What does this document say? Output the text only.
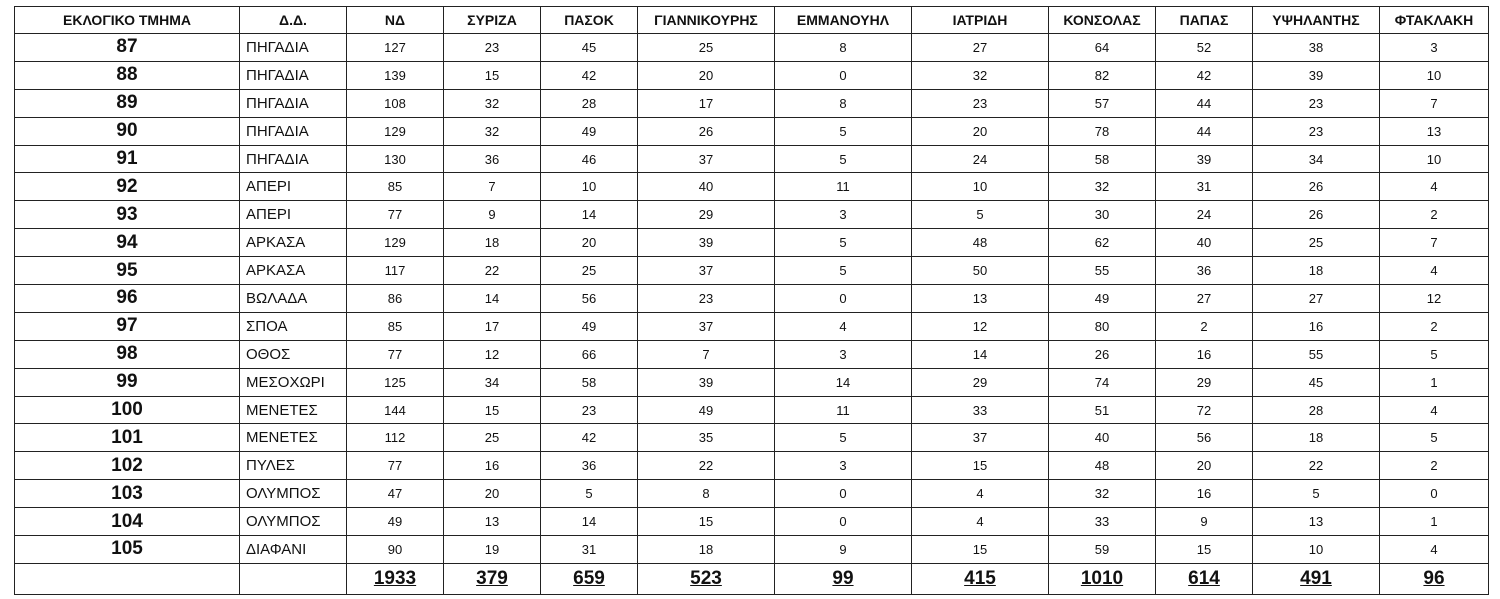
ΕΚΛΟΓΙΚΟ ΤΜΗΜΑ	Δ.Δ.	ΝΔ	ΣΥΡΙΖΑ	ΠΑΣΟΚ	ΓΙΑΝΝΙΚΟΥΡΗΣ	ΕΜΜΑΝΟΥΗΛ	ΙΑΤΡΙΔΗ	ΚΟΝΣΟΛΑΣ	ΠΑΠΑΣ	ΥΨΗΛΑΝΤΗΣ	ΦΤΑΚΛΑΚΗ
87	ΠΗΓΑΔΙΑ	127	23	45	25	8	27	64	52	38	3
88	ΠΗΓΑΔΙΑ	139	15	42	20	0	32	82	42	39	10
89	ΠΗΓΑΔΙΑ	108	32	28	17	8	23	57	44	23	7
90	ΠΗΓΑΔΙΑ	129	32	49	26	5	20	78	44	23	13
91	ΠΗΓΑΔΙΑ	130	36	46	37	5	24	58	39	34	10
92	ΑΠΕΡΙ	85	7	10	40	11	10	32	31	26	4
93	ΑΠΕΡΙ	77	9	14	29	3	5	30	24	26	2
94	ΑΡΚΑΣΑ	129	18	20	39	5	48	62	40	25	7
95	ΑΡΚΑΣΑ	117	22	25	37	5	50	55	36	18	4
96	ΒΩΛΑΔΑ	86	14	56	23	0	13	49	27	27	12
97	ΣΠΟΑ	85	17	49	37	4	12	80	2	16	2
98	ΟΘΟΣ	77	12	66	7	3	14	26	16	55	5
99	ΜΕΣΟΧΩΡΙ	125	34	58	39	14	29	74	29	45	1
100	ΜΕΝΕΤΕΣ	144	15	23	49	11	33	51	72	28	4
101	ΜΕΝΕΤΕΣ	112	25	42	35	5	37	40	56	18	5
102	ΠΥΛΕΣ	77	16	36	22	3	15	48	20	22	2
103	ΟΛΥΜΠΟΣ	47	20	5	8	0	4	32	16	5	0
104	ΟΛΥΜΠΟΣ	49	13	14	15	0	4	33	9	13	1
105	ΔΙΑΦΑΝΙ	90	19	31	18	9	15	59	15	10	4
		1933	379	659	523	99	415	1010	614	491	96
